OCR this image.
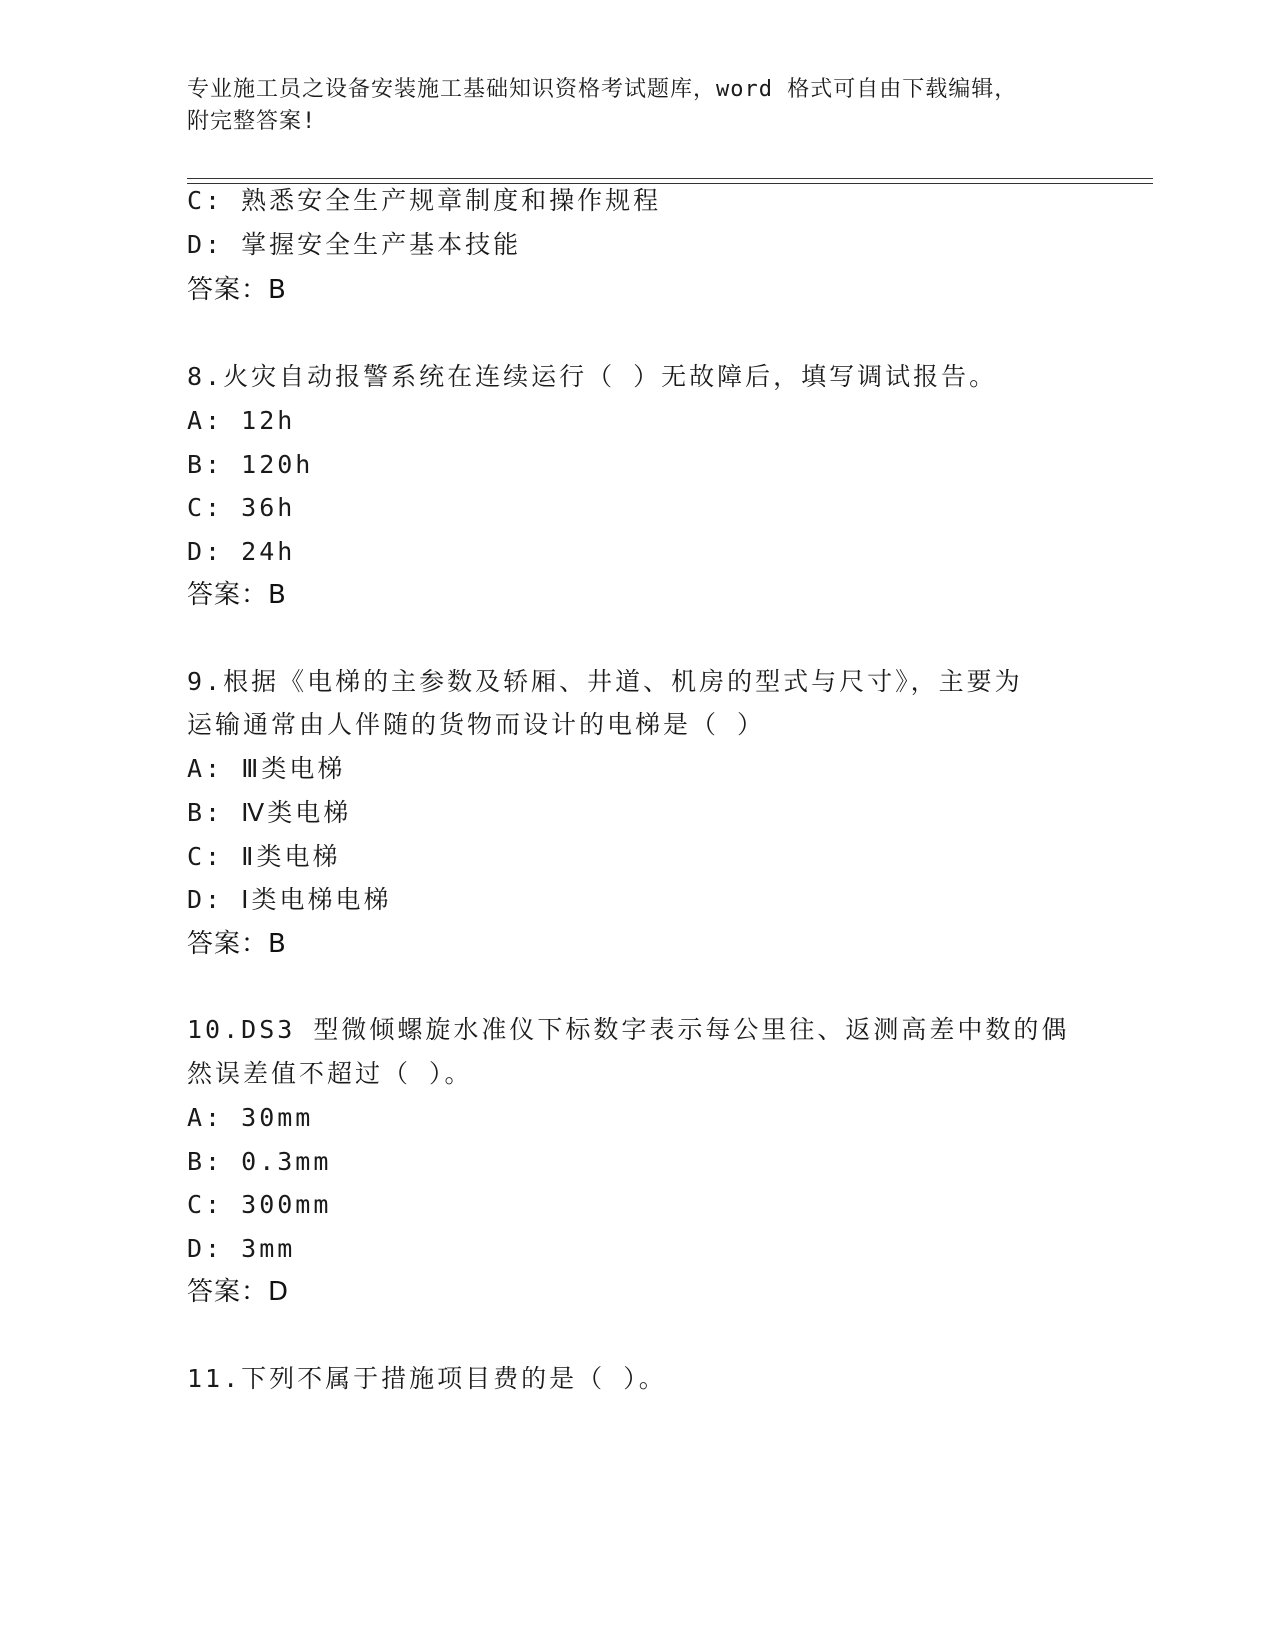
专业施工员之设备安装施工基础知识资格考试题库，word 格式可自由下载编辑，
附完整答案!
C: 熟悉安全生产规章制度和操作规程
D: 掌握安全生产基本技能
答案：B
8.火灾自动报警系统在连续运行（ ）无故障后，填写调试报告。
A: 12h
B: 120h
C: 36h
D: 24h
答案：B
9.根据《电梯的主参数及轿厢、井道、机房的型式与尺寸》，主要为
运输通常由人伴随的货物而设计的电梯是（ ）
A: Ⅲ类电梯
B: Ⅳ类电梯
C: Ⅱ类电梯
D: Ⅰ类电梯电梯
答案：B
10.DS3 型微倾螺旋水准仪下标数字表示每公里往、返测高差中数的偶
然误差值不超过（ ）。
A: 30mm
B: 0.3mm
C: 300mm
D: 3mm
答案：D
11.下列不属于措施项目费的是（ ）。
